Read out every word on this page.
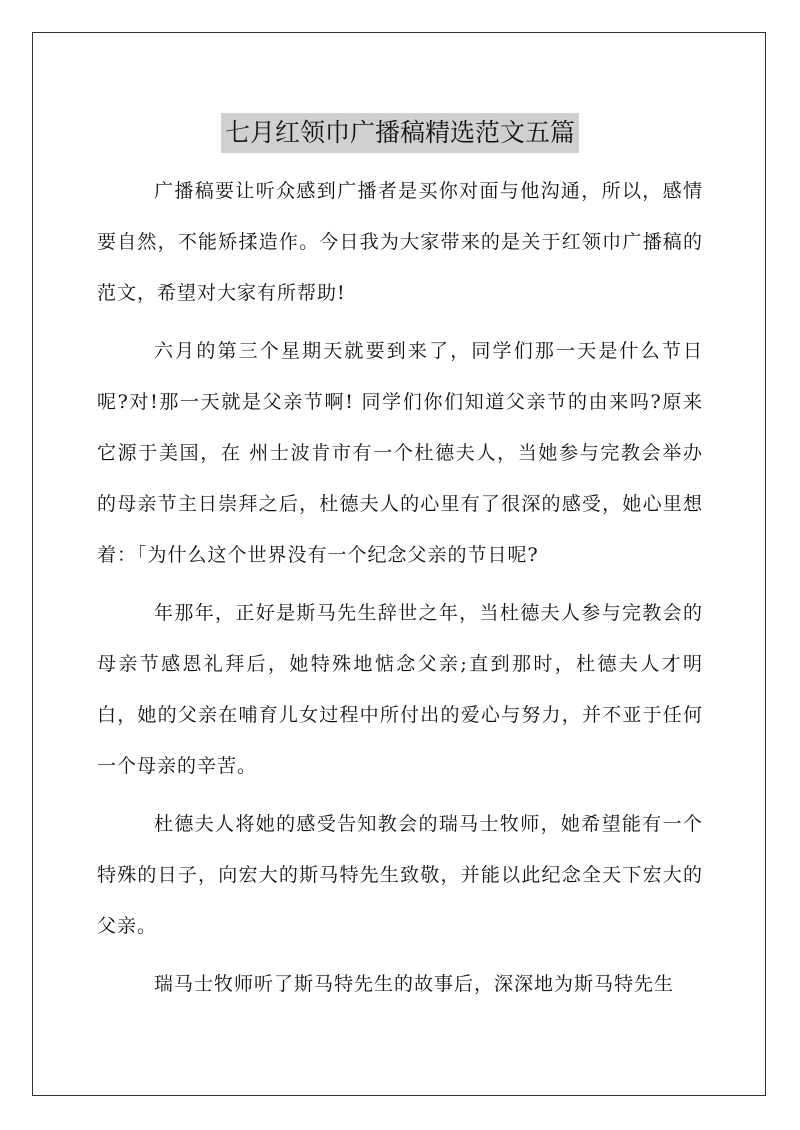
七月红领巾广播稿精选范文五篇

广播稿要让听众感到广播者是买你对面与他沟通，所以，感情要自然，不能矫揉造作。今日我为大家带来的是关于红领巾广播稿的范文，希望对大家有所帮助!

六月的第三个星期天就要到来了，同学们那一天是什么节日呢?对!那一天就是父亲节啊! 同学们你们知道父亲节的由来吗?原来它源于美国，在 州士波肯市有一个杜德夫人，当她参与完教会举办的母亲节主日崇拜之后，杜德夫人的心里有了很深的感受，她心里想着：「为什么这个世界没有一个纪念父亲的节日呢?

年那年，正好是斯马先生辞世之年，当杜德夫人参与完教会的母亲节感恩礼拜后，她特殊地惦念父亲;直到那时，杜德夫人才明白，她的父亲在哺育儿女过程中所付出的爱心与努力，并不亚于任何一个母亲的辛苦。

杜德夫人将她的感受告知教会的瑞马士牧师，她希望能有一个特殊的日子，向宏大的斯马特先生致敬，并能以此纪念全天下宏大的父亲。

瑞马士牧师听了斯马特先生的故事后，深深地为斯马特先生
